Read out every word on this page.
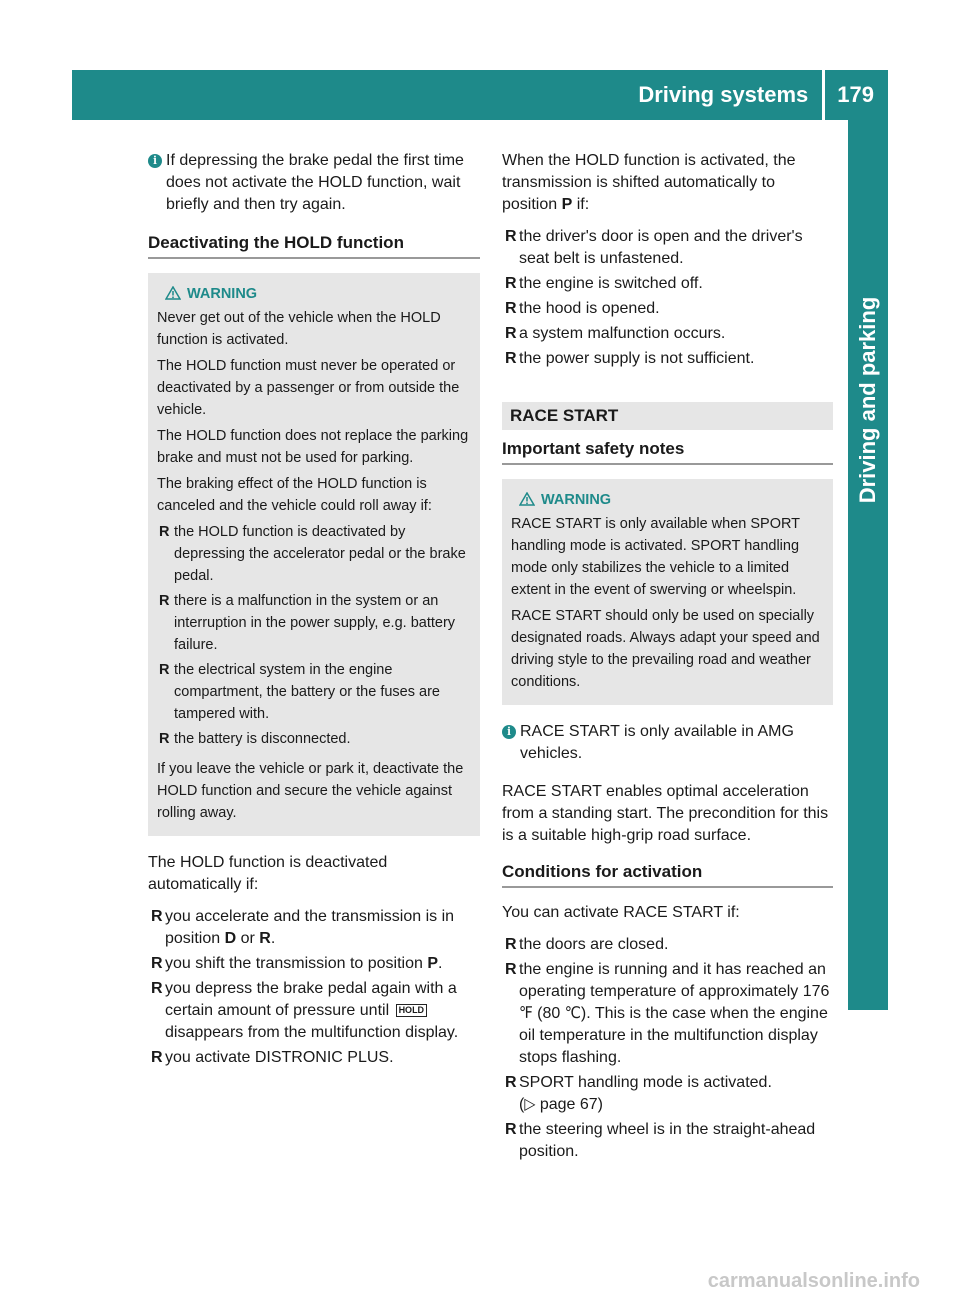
Driving systems	179
Driving and parking
i If depressing the brake pedal the first time does not activate the HOLD function, wait briefly and then try again.
Deactivating the HOLD function
WARNING

Never get out of the vehicle when the HOLD function is activated.

The HOLD function must never be operated or deactivated by a passenger or from outside the vehicle.

The HOLD function does not replace the parking brake and must not be used for parking.

The braking effect of the HOLD function is canceled and the vehicle could roll away if:

R the HOLD function is deactivated by depressing the accelerator pedal or the brake pedal.
R there is a malfunction in the system or an interruption in the power supply, e.g. battery failure.
R the electrical system in the engine compartment, the battery or the fuses are tampered with.
R the battery is disconnected.

If you leave the vehicle or park it, deactivate the HOLD function and secure the vehicle against rolling away.

The HOLD function is deactivated automatically if:

R you accelerate and the transmission is in position D or R.
R you shift the transmission to position P.
R you depress the brake pedal again with a certain amount of pressure until HOLD
disappears from the multifunction display.
R you activate DISTRONIC PLUS.

When the HOLD function is activated, the transmission is shifted automatically to position P if:

R the driver's door is open and the driver's seat belt is unfastened.
R the engine is switched off.
R the hood is opened.
R a system malfunction occurs.
R the power supply is not sufficient.
RACE START
Important safety notes
WARNING

RACE START is only available when SPORT handling mode is activated. SPORT handling mode only stabilizes the vehicle to a limited extent in the event of swerving or wheelspin.

RACE START should only be used on specially designated roads. Always adapt your speed and driving style to the prevailing road and weather conditions.

i RACE START is only available in AMG vehicles.

RACE START enables optimal acceleration from a standing start. The precondition for this is a suitable high-grip road surface.

Conditions for activation

You can activate RACE START if:

R the doors are closed.
R the engine is running and it has reached an operating temperature of approximately 176 ℉ (80 ℃). This is the case when the engine oil temperature in the multifunction display stops flashing.
R SPORT handling mode is activated.
(▷ page 67)
R the steering wheel is in the straight-ahead position.
carmanualsonline.info
